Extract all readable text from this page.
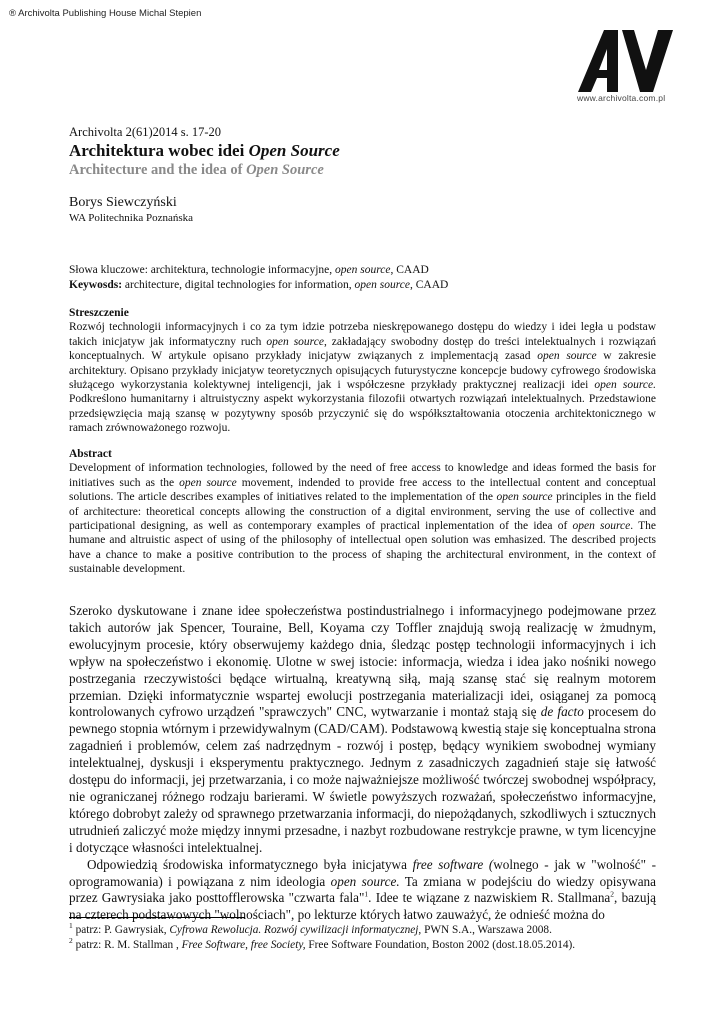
® Archivolta Publishing House Michal Stepien
www.archivolta.com.pl
Archivolta 2(61)2014 s. 17-20
Architektura wobec idei Open Source
Architecture and the idea of Open Source
Borys Siewczyński
WA Politechnika Poznańska
Słowa kluczowe: architektura, technologie informacyjne, open source, CAAD
Keywosds: architecture, digital technologies for information, open source, CAAD
Streszczenie
Rozwój technologii informacyjnych i co za tym idzie potrzeba nieskrępowanego dostępu do wiedzy i idei legła u podstaw takich inicjatyw jak informatyczny ruch open source, zakładający swobodny dostęp do treści intelektualnych i rozwiązań konceptualnych. W artykule opisano przykłady inicjatyw związanych z implementacją zasad open source w zakresie architektury. Opisano przykłady inicjatyw teoretycznych opisujących futurystyczne koncepcje budowy cyfrowego środowiska służącego wykorzystania kolektywnej inteligencji, jak i współczesne przykłady praktycznej realizacji idei open source. Podkreślono humanitarny i altruistyczny aspekt wykorzystania filozofii otwartych rozwiązań intelektualnych. Przedstawione przedsięwzięcia mają szansę w pozytywny sposób przyczynić się do współkształtowania otoczenia architektonicznego w ramach zrównoważonego rozwoju.
Abstract
Development of information technologies, followed by the need of free access to knowledge and ideas formed the basis for initiatives such as the open source movement, indended to provide free access to the intellectual content and conceptual solutions. The article describes examples of initiatives related to the implementation of the open source principles in the field of architecture: theoretical concepts allowing the construction of a digital environment, serving the use of collective and participational designing, as well as contemporary examples of practical inplementation of the idea of open source. The humane and altruistic aspect of using of the philosophy of intellectual open solution was emhasized. The described projects have a chance to make a positive contribution to the process of shaping the architectural environment, in the context of sustainable development.

Szeroko dyskutowane i znane idee społeczeństwa postindustrialnego i informacyjnego podejmowane przez takich autorów jak Spencer, Touraine, Bell, Koyama czy Toffler znajdują swoją realizację w żmudnym, ewolucyjnym procesie, który obserwujemy każdego dnia, śledząc postęp technologii informacyjnych i ich wpływ na społeczeństwo i ekonomię. Ulotne w swej istocie: informacja, wiedza i idea jako nośniki nowego postrzegania rzeczywistości będące wirtualną, kreatywną siłą, mają szansę stać się realnym motorem przemian. Dzięki informatycznie wspartej ewolucji postrzegania materializacji idei, osiąganej za pomocą kontrolowanych cyfrowo urządzeń "sprawczych" CNC, wytwarzanie i montaż stają się de facto procesem do pewnego stopnia wtórnym i przewidywalnym (CAD/CAM). Podstawową kwestią staje się konceptualna strona zagadnień i problemów, celem zaś nadrzędnym - rozwój i postęp, będący wynikiem swobodnej wymiany intelektualnej, dyskusji i eksperymentu praktycznego. Jednym z zasadniczych zagadnień staje się łatwość dostępu do informacji, jej przetwarzania, i co może najważniejsze możliwość twórczej swobodnej współpracy, nie ograniczanej różnego rodzaju barierami. W świetle powyższych rozważań, społeczeństwo informacyjne, którego dobrobyt zależy od sprawnego przetwarzania informacji, do niepożądanych, szkodliwych i sztucznych utrudnień zaliczyć może między innymi przesadne, i nazbyt rozbudowane restrykcje prawne, w tym licencyjne i dotyczące własności intelektualnej.

Odpowiedzią środowiska informatycznego była inicjatywa free software (wolnego - jak w "wolność" - oprogramowania) i powiązana z nim ideologia open source. Ta zmiana w podejściu do wiedzy opisywana przez Gawrysiaka jako posttofflerowska "czwarta fala"$^1$. Idee te wiązane z nazwiskiem R. Stallmana$^2$, bazują na czterech podstawowych "wolnościach", po lekturze których łatwo zauważyć, że odnieść można do

$^1$ patrz: P. Gawrysiak, Cyfrowa Rewolucja. Rozwój cywilizacji informatycznej, PWN S.A., Warszawa 2008.
$^2$ patrz: R. M. Stallman , Free Software, free Society, Free Software Foundation, Boston 2002 (dost.18.05.2014).
